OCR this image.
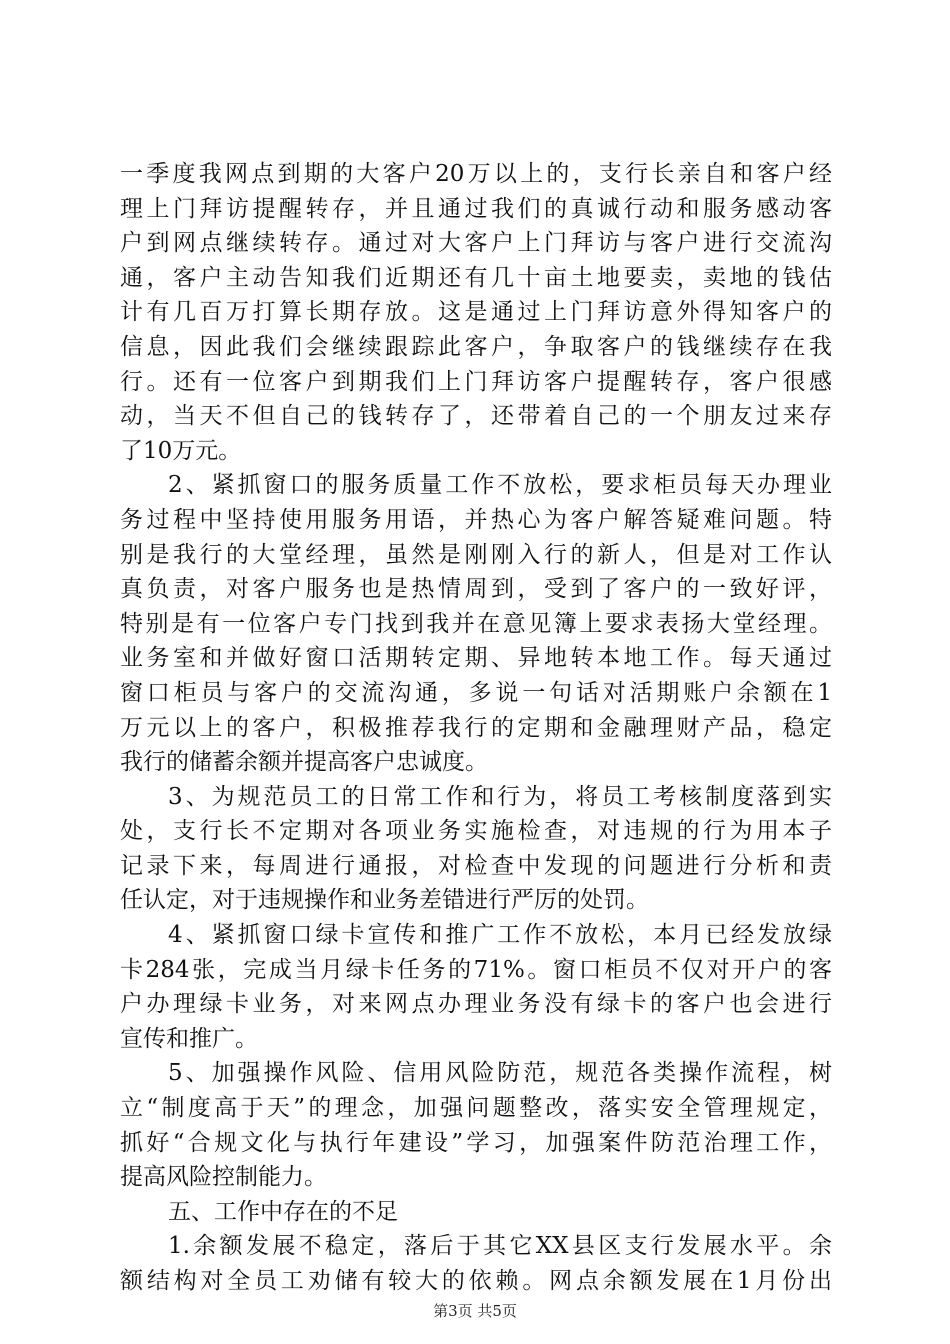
一季度我网点到期的大客户20万以上的，支行长亲自和客户经
理上门拜访提醒转存，并且通过我们的真诚行动和服务感动客
户到网点继续转存。通过对大客户上门拜访与客户进行交流沟
通，客户主动告知我们近期还有几十亩土地要卖，卖地的钱估
计有几百万打算长期存放。这是通过上门拜访意外得知客户的
信息，因此我们会继续跟踪此客户，争取客户的钱继续存在我
行。还有一位客户到期我们上门拜访客户提醒转存，客户很感
动，当天不但自己的钱转存了，还带着自己的一个朋友过来存
了10万元。
2、紧抓窗口的服务质量工作不放松，要求柜员每天办理业
务过程中坚持使用服务用语，并热心为客户解答疑难问题。特
别是我行的大堂经理，虽然是刚刚入行的新人，但是对工作认
真负责，对客户服务也是热情周到，受到了客户的一致好评，
特别是有一位客户专门找到我并在意见簿上要求表扬大堂经理。
业务室和并做好窗口活期转定期、异地转本地工作。每天通过
窗口柜员与客户的交流沟通，多说一句话对活期账户余额在1
万元以上的客户，积极推荐我行的定期和金融理财产品，稳定
我行的储蓄余额并提高客户忠诚度。
3、为规范员工的日常工作和行为，将员工考核制度落到实
处，支行长不定期对各项业务实施检查，对违规的行为用本子
记录下来，每周进行通报，对检查中发现的问题进行分析和责
任认定，对于违规操作和业务差错进行严厉的处罚。
4、紧抓窗口绿卡宣传和推广工作不放松，本月已经发放绿
卡284张，完成当月绿卡任务的71%。窗口柜员不仅对开户的客
户办理绿卡业务，对来网点办理业务没有绿卡的客户也会进行
宣传和推广。
5、加强操作风险、信用风险防范，规范各类操作流程，树
立“制度高于天”的理念，加强问题整改，落实安全管理规定，
抓好“合规文化与执行年建设”学习，加强案件防范治理工作，
提高风险控制能力。
五、工作中存在的不足
1.余额发展不稳定，落后于其它XX县区支行发展水平。余
额结构对全员工劝储有较大的依赖。网点余额发展在1月份出
第3页 共5页
